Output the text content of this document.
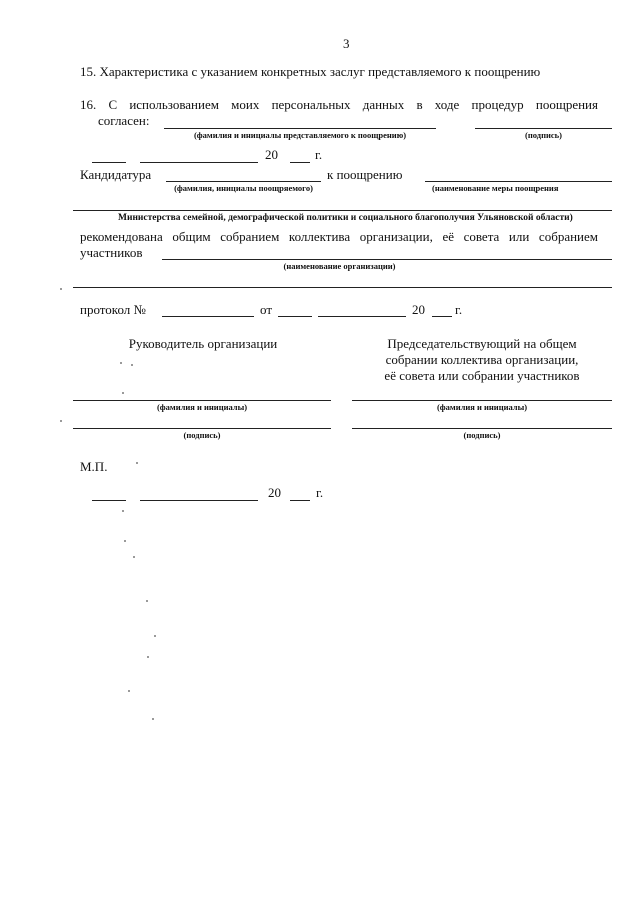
3
15. Характеристика с указанием конкретных заслуг представляемого к поощрению
16. С использованием моих персональных данных в ходе процедур поощрения
согласен:
(фамилия и инициалы представляемого к поощрению)	(подпись)
20	г.
Кандидатура	к поощрению
(фамилия, инициалы поощряемого)	(наименование меры поощрения
Министерства семейной, демографической политики и социального благополучия Ульяновской области)
рекомендована общим собранием коллектива организации, её совета или собранием
участников
(наименование организации)
протокол №	от	20 г.
Руководитель организации	Председательствующий на общем
собрании коллектива организации,
её совета или собрании участников
(фамилия и инициалы)	(фамилия и инициалы)
(подпись)	(подпись)
М.П.
20	г.
